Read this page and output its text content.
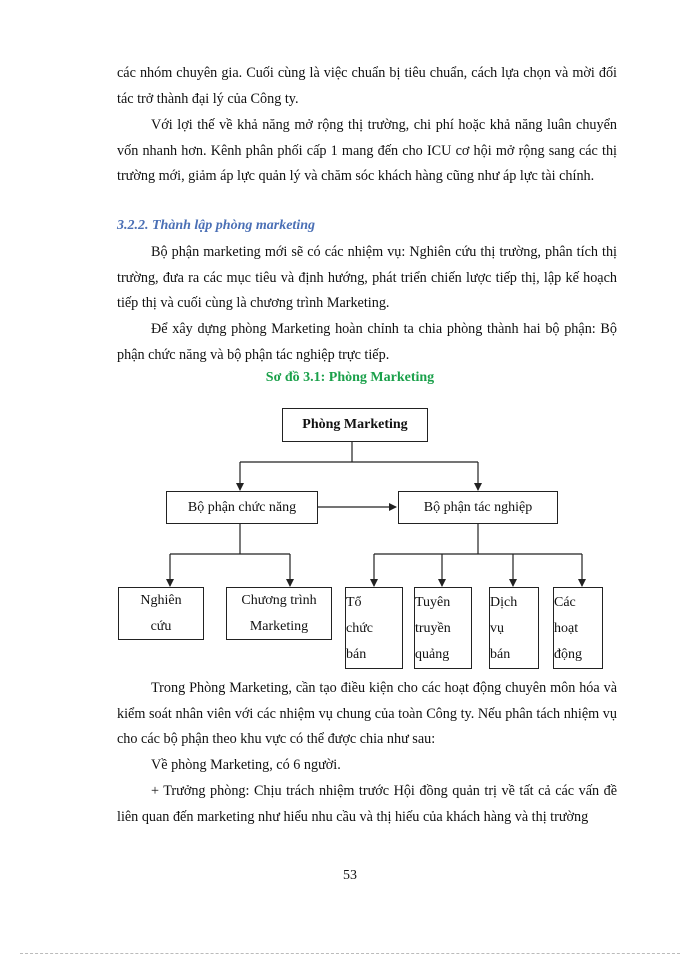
các nhóm chuyên gia. Cuối cùng là việc chuẩn bị tiêu chuẩn, cách lựa chọn và mời đối tác trở thành đại lý của Công ty.

Với lợi thế về khả năng mở rộng thị trường, chi phí hoặc khả năng luân chuyển vốn nhanh hơn. Kênh phân phối cấp 1 mang đến cho ICU cơ hội mở rộng sang các thị trường mới, giảm áp lực quản lý và chăm sóc khách hàng cũng như áp lực tài chính.

3.2.2. Thành lập phòng marketing

Bộ phận marketing mới sẽ có các nhiệm vụ: Nghiên cứu thị trường, phân tích thị trường, đưa ra các mục tiêu và định hướng, phát triển chiến lược tiếp thị, lập kế hoạch tiếp thị và cuối cùng là chương trình Marketing.

Để xây dựng phòng Marketing hoàn chỉnh ta chia phòng thành hai bộ phận: Bộ phận chức năng và bộ phận tác nghiệp trực tiếp.

Sơ đồ 3.1: Phòng Marketing

Phòng Marketing
Bộ phận chức năng	Bộ phận tác nghiệp
Nghiên
cứu
Chương trình
Marketing
Tổ
chức
bán
Tuyên
truyền
quảng
Dịch
vụ
bán
Các
hoạt
động

Trong Phòng Marketing, cần tạo điều kiện cho các hoạt động chuyên môn hóa và kiểm soát nhân viên với các nhiệm vụ chung của toàn Công ty. Nếu phân tách nhiệm vụ cho các bộ phận theo khu vực có thể được chia như sau:

Về phòng Marketing, có 6 người.

+ Trưởng phòng: Chịu trách nhiệm trước Hội đồng quản trị về tất cả các vấn đề liên quan đến marketing như hiểu nhu cầu và thị hiếu của khách hàng và thị trường

53
